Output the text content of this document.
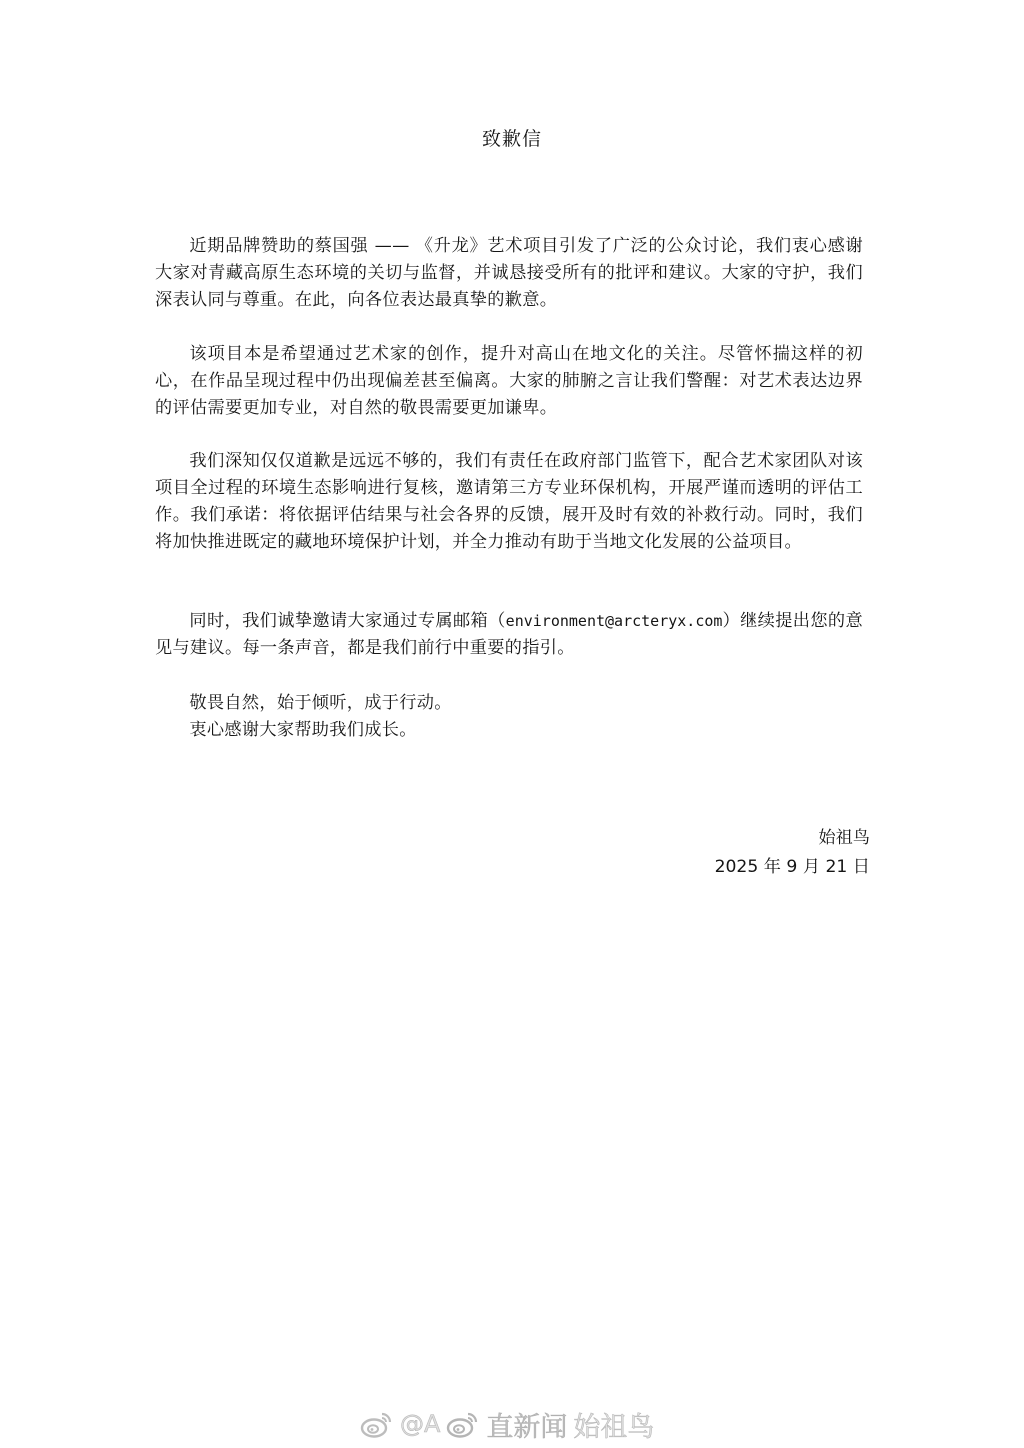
致歉信

近期品牌赞助的蔡国强 —— 《升龙》艺术项目引发了广泛的公众讨论，我们衷心感谢大家对青藏高原生态环境的关切与监督，并诚恳接受所有的批评和建议。大家的守护，我们深表认同与尊重。在此，向各位表达最真挚的歉意。

该项目本是希望通过艺术家的创作，提升对高山在地文化的关注。尽管怀揣这样的初心，在作品呈现过程中仍出现偏差甚至偏离。大家的肺腑之言让我们警醒：对艺术表达边界的评估需要更加专业，对自然的敬畏需要更加谦卑。

我们深知仅仅道歉是远远不够的，我们有责任在政府部门监管下，配合艺术家团队对该项目全过程的环境生态影响进行复核，邀请第三方专业环保机构，开展严谨而透明的评估工作。我们承诺：将依据评估结果与社会各界的反馈，展开及时有效的补救行动。同时，我们将加快推进既定的藏地环境保护计划，并全力推动有助于当地文化发展的公益项目。

同时，我们诚挚邀请大家通过专属邮箱（environment@arcteryx.com）继续提出您的意见与建议。每一条声音，都是我们前行中重要的指引。

敬畏自然，始于倾听，成于行动。
衷心感谢大家帮助我们成长。
始祖鸟
2025 年 9 月 21 日
@A 直新闻 始祖鸟
